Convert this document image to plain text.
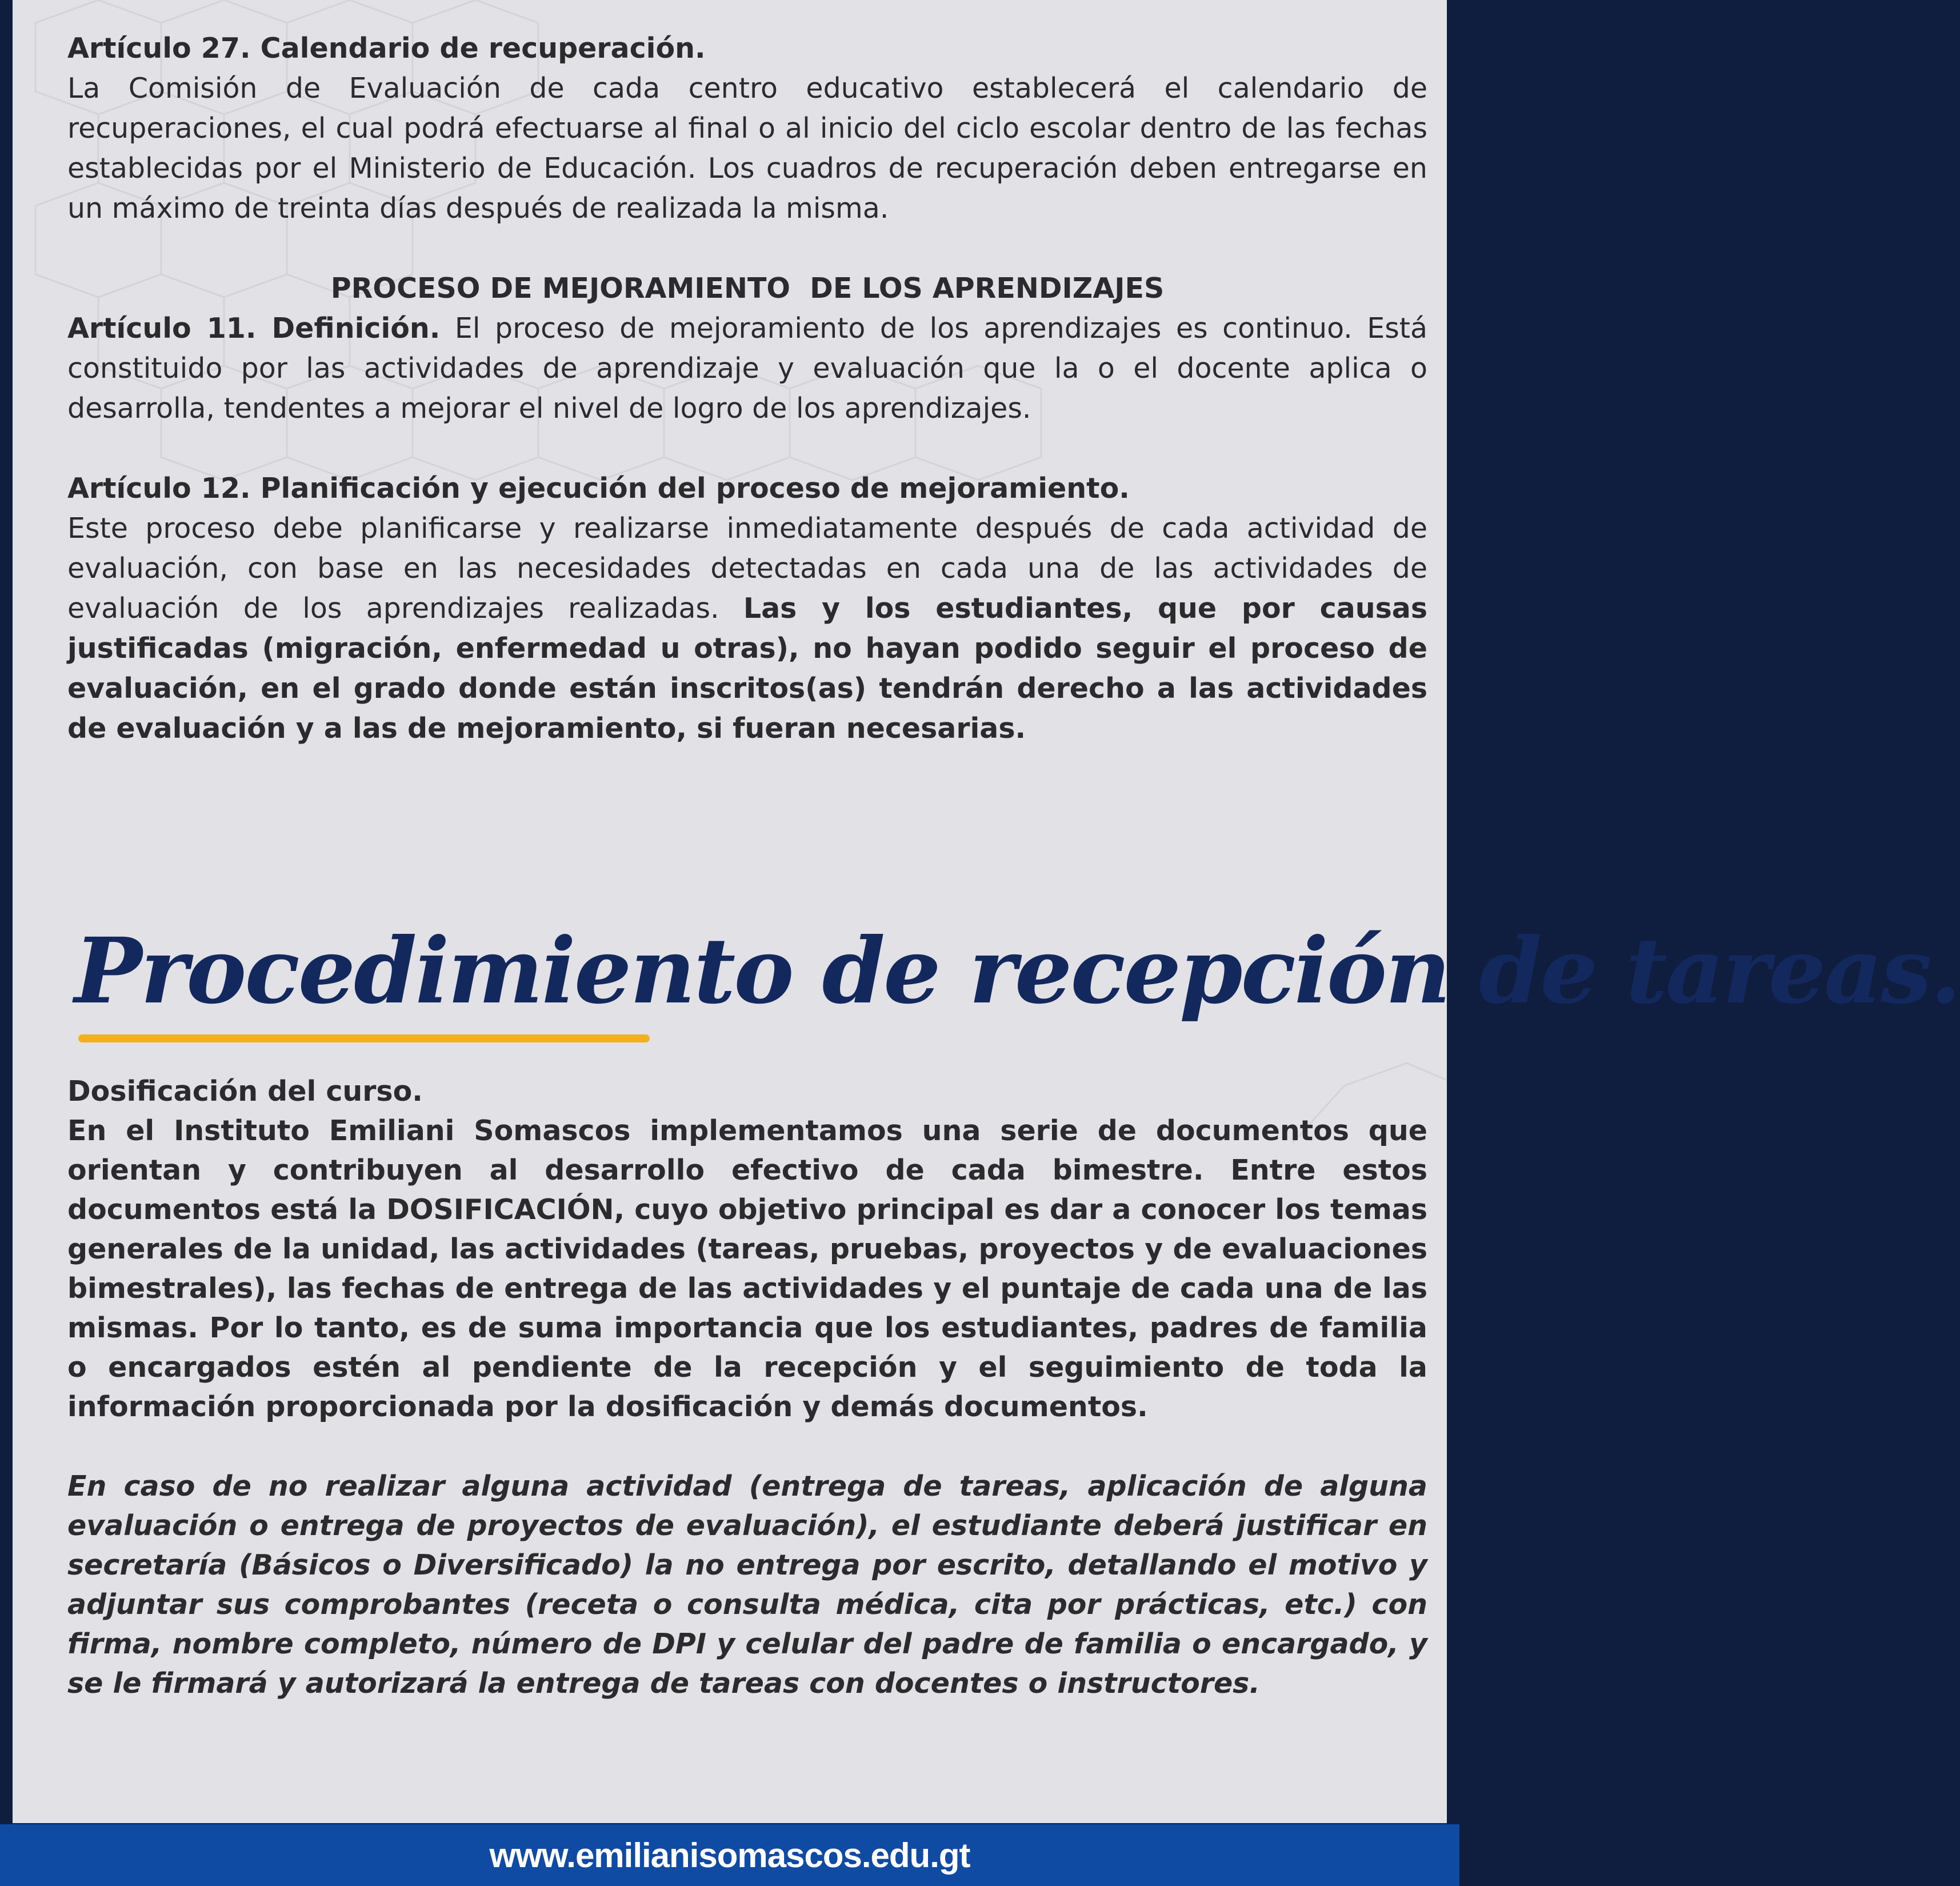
Artículo 27. Calendario de recuperación.

La Comisión de Evaluación de cada centro educativo establecerá el calendario de recuperaciones, el cual podrá efectuarse al final o al inicio del ciclo escolar dentro de las fechas establecidas por el Ministerio de Educación. Los cuadros de recuperación deben entregarse en un máximo de treinta días después de realizada la misma.

PROCESO DE MEJORAMIENTO  DE LOS APRENDIZAJES

Artículo 11. Definición. El proceso de mejoramiento de los aprendizajes es continuo. Está constituido por las actividades de aprendizaje y evaluación que la o el docente aplica o desarrolla, tendentes a mejorar el nivel de logro de los aprendizajes.

Artículo 12. Planificación y ejecución del proceso de mejoramiento.

Este proceso debe planificarse y realizarse inmediatamente después de cada actividad de evaluación, con base en las necesidades detectadas en cada una de las actividades de evaluación de los aprendizajes realizadas. Las y los estudiantes, que por causas justificadas (migración, enfermedad u otras), no hayan podido seguir el proceso de evaluación, en el grado donde están inscritos(as) tendrán derecho a las actividades de evaluación y a las de mejoramiento, si fueran necesarias.

Procedimiento de recepción de tareas.

Dosificación del curso.

En el Instituto Emiliani Somascos implementamos una serie de documentos que orientan y contribuyen al desarrollo efectivo de cada bimestre. Entre estos documentos está la DOSIFICACIÓN, cuyo objetivo principal es dar a conocer los temas generales de la unidad, las actividades (tareas, pruebas, proyectos y de evaluaciones bimestrales), las fechas de entrega de las actividades y el puntaje de cada una de las mismas. Por lo tanto, es de suma importancia que los estudiantes, padres de familia o encargados estén al pendiente de la recepción y el seguimiento de toda la información proporcionada por la dosificación y demás documentos.

En caso de no realizar alguna actividad (entrega de tareas, aplicación de alguna evaluación o entrega de proyectos de evaluación), el estudiante deberá justificar en secretaría (Básicos o Diversificado) la no entrega por escrito, detallando el motivo y adjuntar sus comprobantes (receta o consulta médica, cita por prácticas, etc.) con firma, nombre completo, número de DPI y celular del padre de familia o encargado, y se le firmará y autorizará la entrega de tareas con docentes o instructores.

www.emilianisomascos.edu.gt
